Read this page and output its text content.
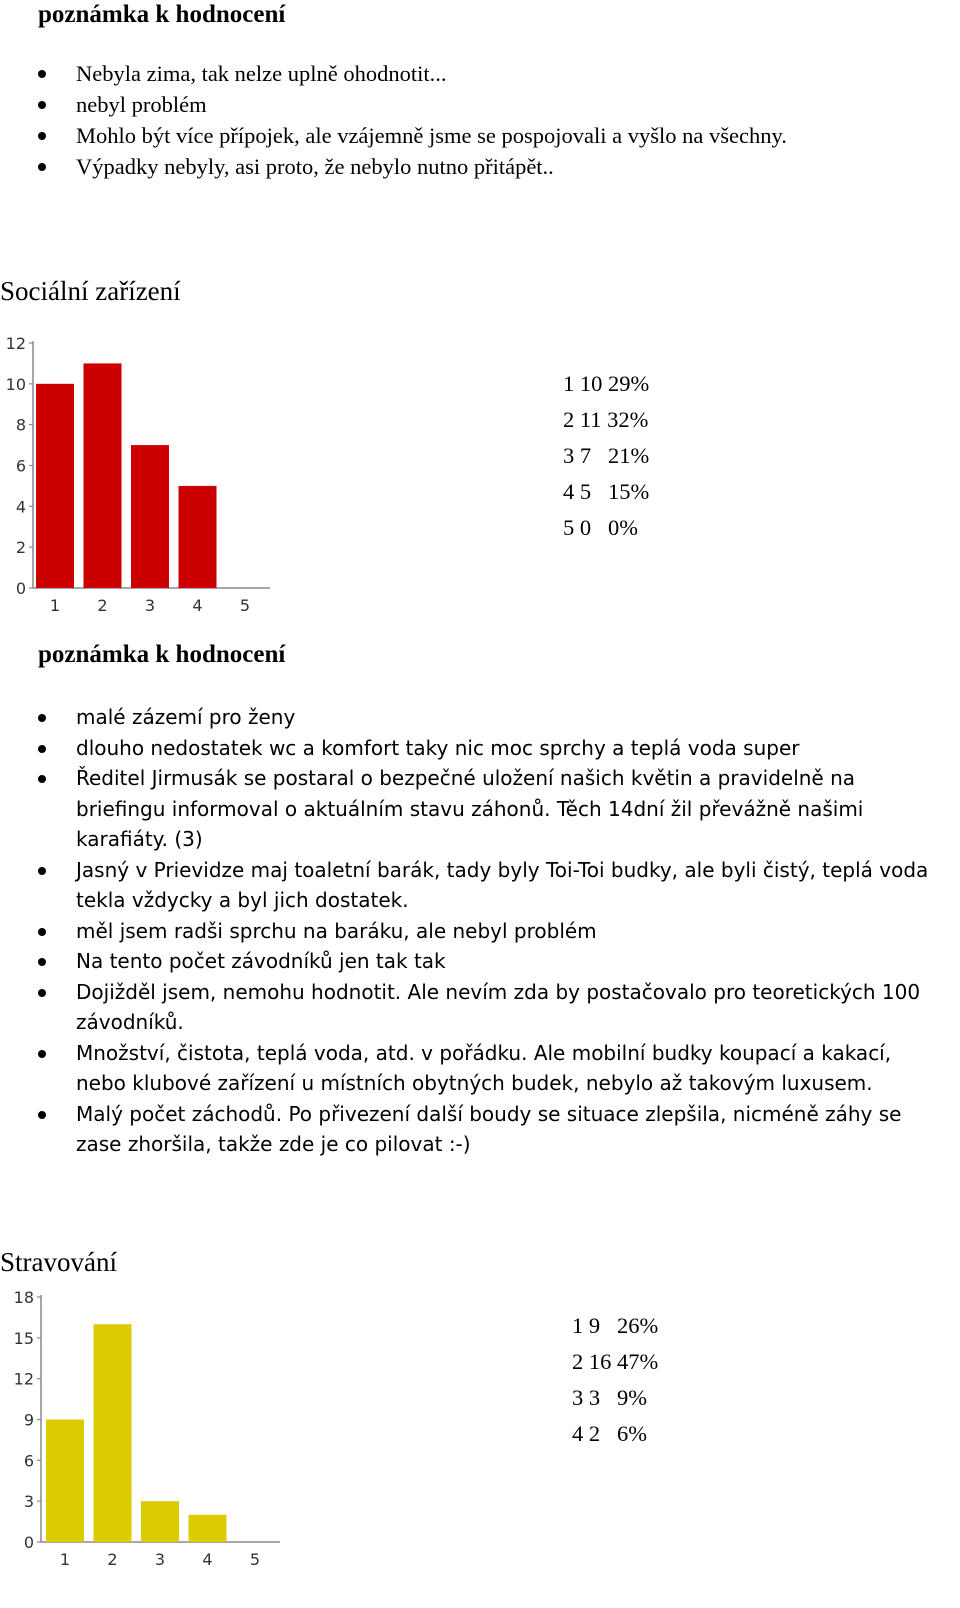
poznámka k hodnocení
Nebyla zima, tak nelze uplně ohodnotit...
nebyl problém
Mohlo být více přípojek, ale vzájemně jsme se pospojovali a vyšlo na všechny.
Výpadky nebyly, asi proto, že nebylo nutno přitápět..
Sociální zařízení
0
2
4
6
8
10
12
1 2 3 4 5
1 10 29%
2 11 32%
3 7   21%
4 5   15%
5 0   0%
poznámka k hodnocení
malé zázemí pro ženy
dlouho nedostatek wc a komfort taky nic moc sprchy a teplá voda super
Ředitel Jirmusák se postaral o bezpečné uložení našich květin a pravidelně na briefingu informoval o aktuálním stavu záhonů. Těch 14dní žil převážně našimi karafiáty. (3)
Jasný v Prievidze maj toaletní barák, tady byly Toi-Toi budky, ale byli čistý, teplá voda tekla vždycky a byl jich dostatek.
měl jsem radši sprchu na baráku, ale nebyl problém
Na tento počet závodníků jen tak tak
Dojižděl jsem, nemohu hodnotit. Ale nevím zda by postačovalo pro teoretických 100 závodníků.
Množství, čistota, teplá voda, atd. v pořádku. Ale mobilní budky koupací a kakací, nebo klubové zařízení u místních obytných budek, nebylo až takovým luxusem.
Malý počet záchodů. Po přivezení další boudy se situace zlepšila, nicméně záhy se zase zhoršila, takže zde je co pilovat :-)
Stravování
0
3
6
9
12
15
18
1 2 3 4 5
1 9   26%
2 16 47%
3 3   9%
4 2   6%
